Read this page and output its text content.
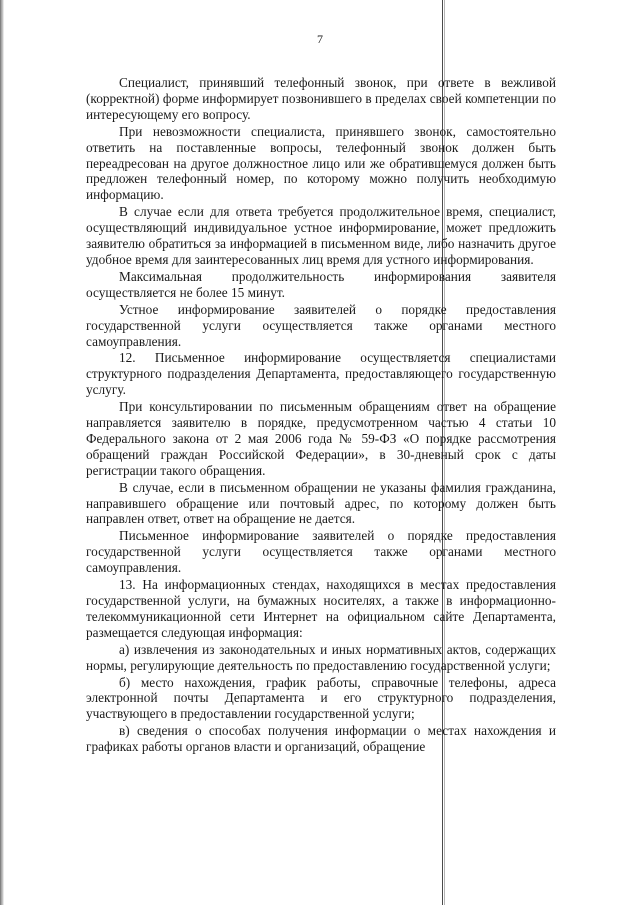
7

Специалист, принявший телефонный звонок, при ответе в вежливой (корректной) форме информирует позвонившего в пределах своей компетенции по интересующему его вопросу.

При невозможности специалиста, принявшего звонок, самостоятельно ответить на поставленные вопросы, телефонный звонок должен быть переадресован на другое должностное лицо или же обратившемуся должен быть предложен телефонный номер, по которому можно получить необходимую информацию.

В случае если для ответа требуется продолжительное время, специалист, осуществляющий индивидуальное устное информирование, может предложить заявителю обратиться за информацией в письменном виде, либо назначить другое удобное время для заинтересованных лиц время для устного информирования.

Максимальная продолжительность информирования заявителя осуществляется не более 15 минут.

Устное информирование заявителей о порядке предоставления государственной услуги осуществляется также органами местного самоуправления.

12. Письменное информирование осуществляется специалистами структурного подразделения Департамента, предоставляющего государственную услугу.

При консультировании по письменным обращениям ответ на обращение направляется заявителю в порядке, предусмотренном частью 4 статьи 10 Федерального закона от 2 мая 2006 года № 59-ФЗ «О порядке рассмотрения обращений граждан Российской Федерации», в 30-дневный срок с даты регистрации такого обращения.

В случае, если в письменном обращении не указаны фамилия гражданина, направившего обращение или почтовый адрес, по которому должен быть направлен ответ, ответ на обращение не дается.

Письменное информирование заявителей о порядке предоставления государственной услуги осуществляется также органами местного самоуправления.

13. На информационных стендах, находящихся в местах предоставления государственной услуги, на бумажных носителях, а также в информационно-телекоммуникационной сети Интернет на официальном сайте Департамента, размещается следующая информация:

а) извлечения из законодательных и иных нормативных актов, содержащих нормы, регулирующие деятельность по предоставлению государственной услуги;

б) место нахождения, график работы, справочные телефоны, адреса электронной почты Департамента и его структурного подразделения, участвующего в предоставлении государственной услуги;

в) сведения о способах получения информации о местах нахождения и графиках работы органов власти и организаций, обращение
